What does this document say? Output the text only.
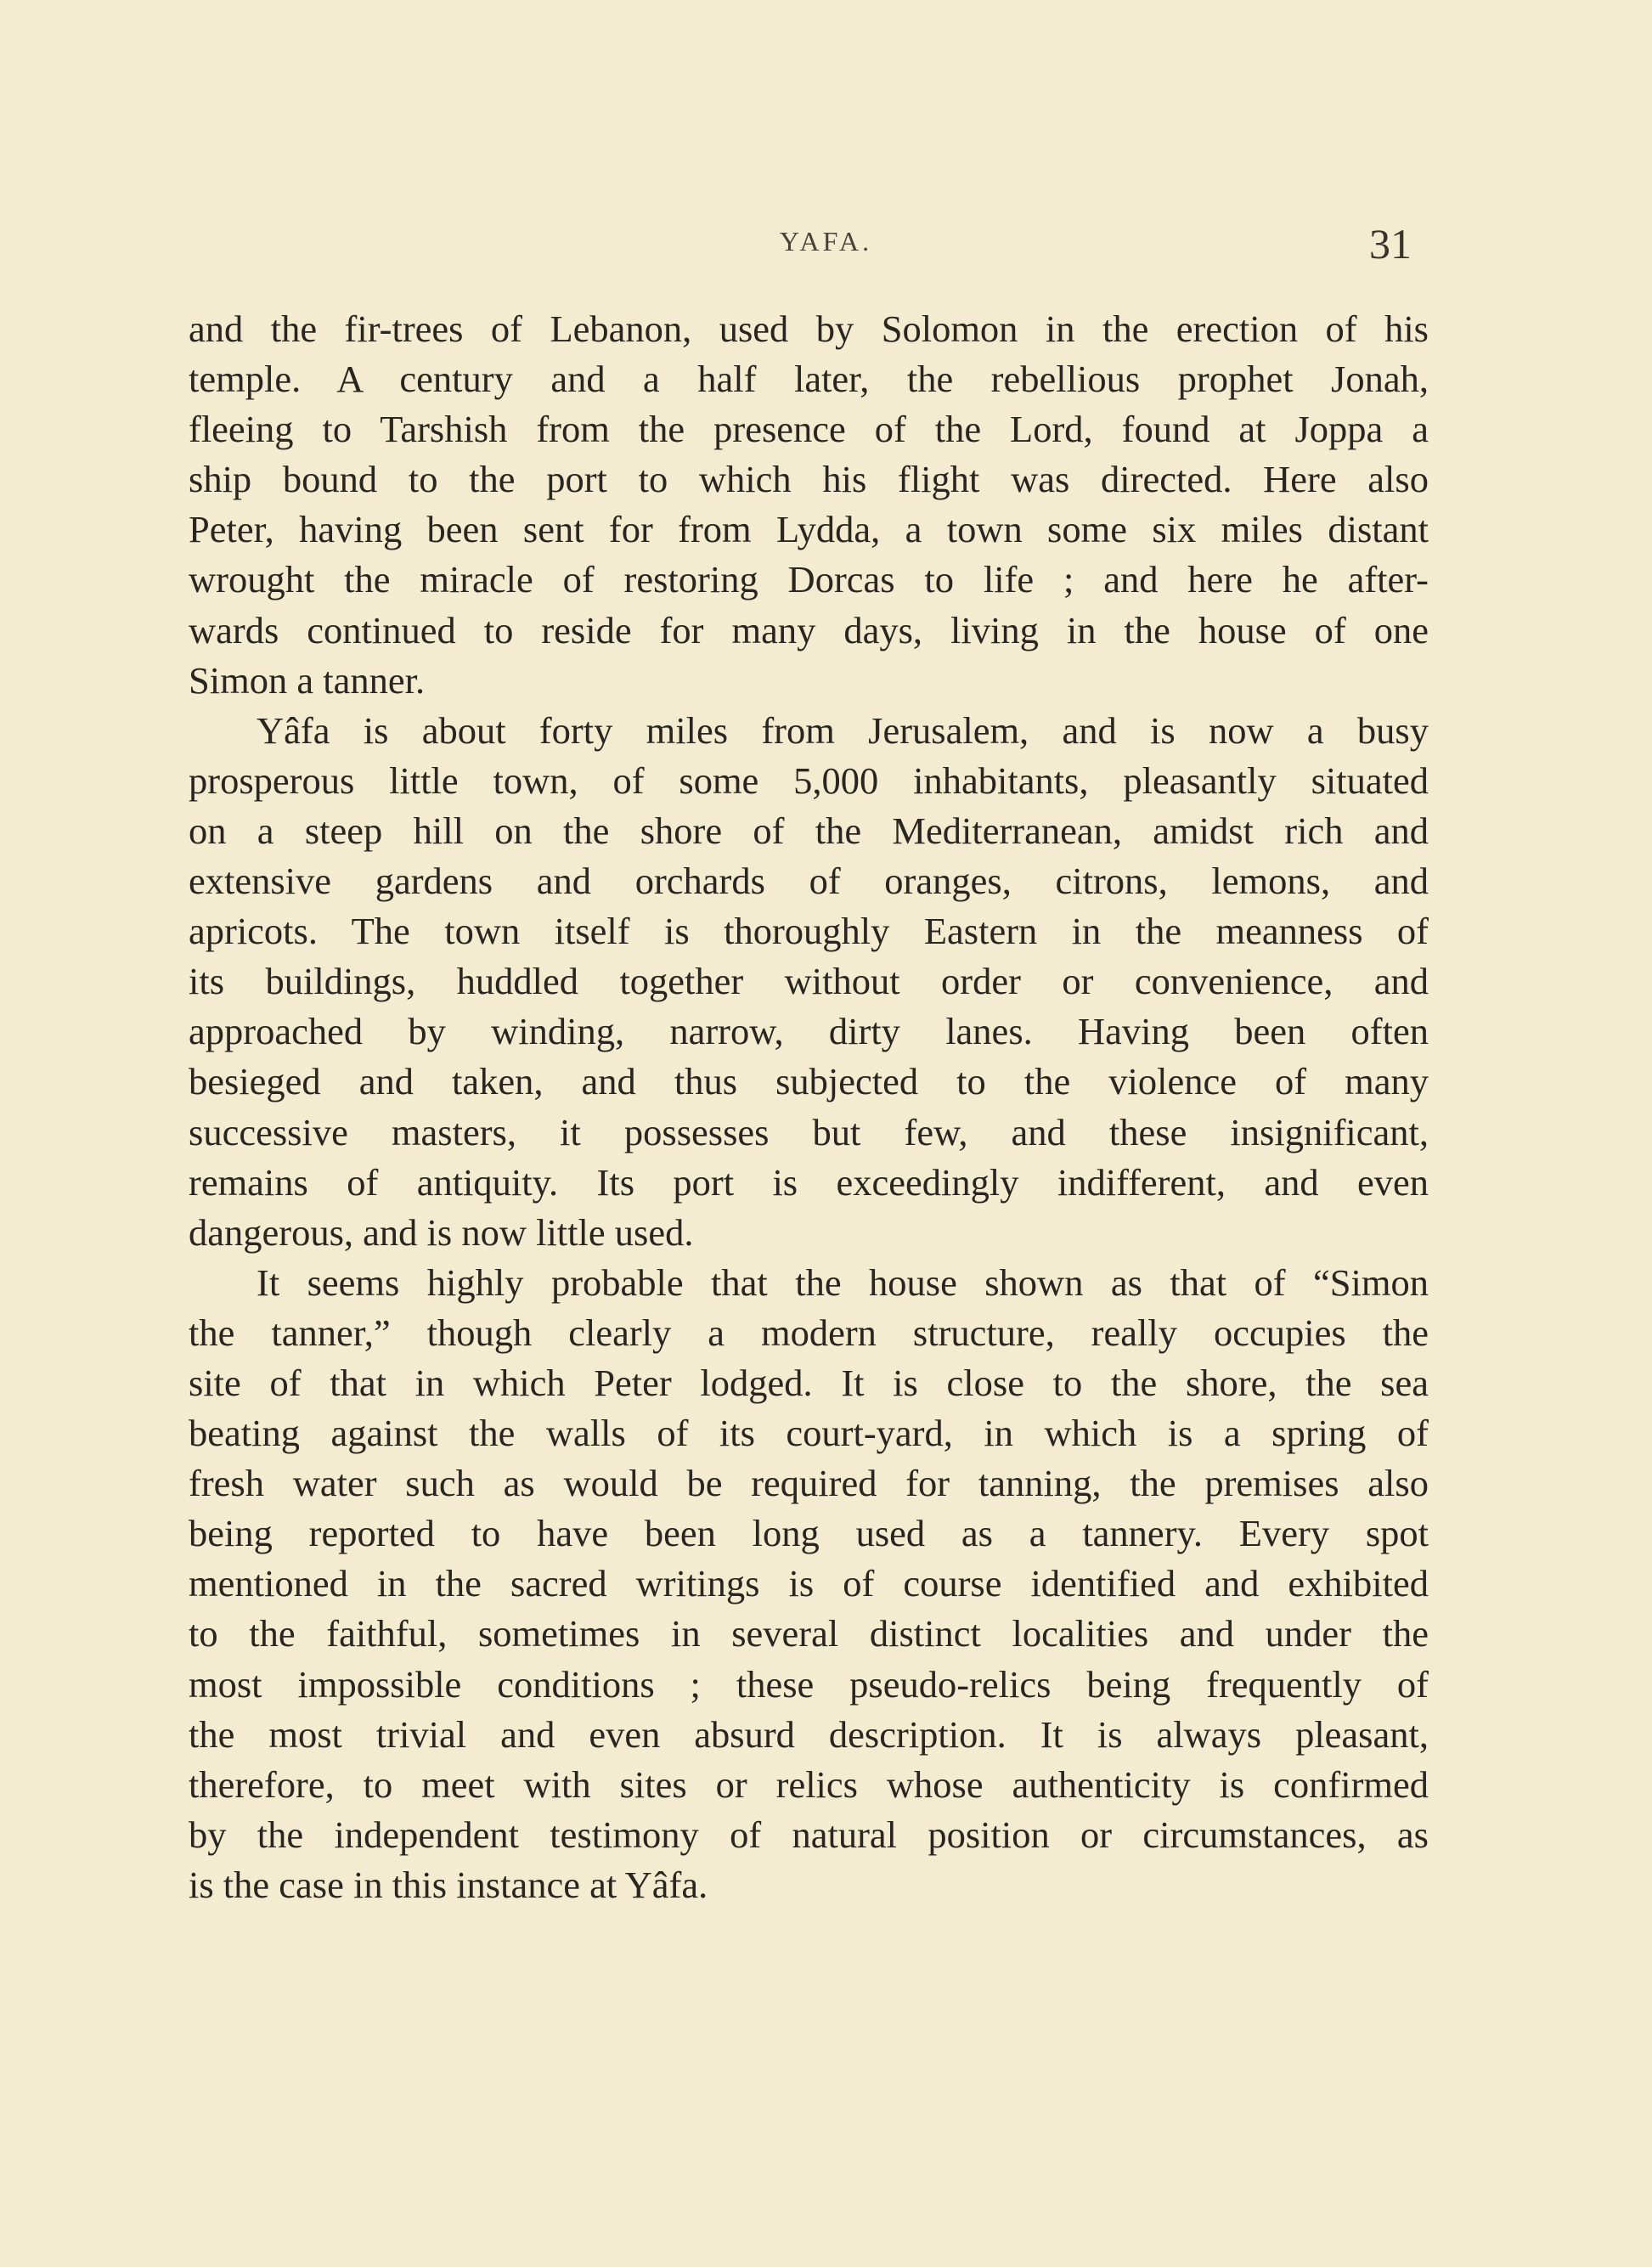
YAFA.	31
and the fir-trees of Lebanon, used by Solomon in the erection of his
temple. A century and a half later, the rebellious prophet Jonah,
fleeing to Tarshish from the presence of the Lord, found at Joppa a
ship bound to the port to which his flight was directed. Here also
Peter, having been sent for from Lydda, a town some six miles distant
wrought the miracle of restoring Dorcas to life ; and here he after-
wards continued to reside for many days, living in the house of one
Simon a tanner.
Yâfa is about forty miles from Jerusalem, and is now a busy
prosperous little town, of some 5,000 inhabitants, pleasantly situated
on a steep hill on the shore of the Mediterranean, amidst rich and
extensive gardens and orchards of oranges, citrons, lemons, and
apricots. The town itself is thoroughly Eastern in the meanness of
its buildings, huddled together without order or convenience, and
approached by winding, narrow, dirty lanes. Having been often
besieged and taken, and thus subjected to the violence of many
successive masters, it possesses but few, and these insignificant,
remains of antiquity. Its port is exceedingly indifferent, and even
dangerous, and is now little used.
It seems highly probable that the house shown as that of “Simon
the tanner,” though clearly a modern structure, really occupies the
site of that in which Peter lodged. It is close to the shore, the sea
beating against the walls of its court-yard, in which is a spring of
fresh water such as would be required for tanning, the premises also
being reported to have been long used as a tannery. Every spot
mentioned in the sacred writings is of course identified and exhibited
to the faithful, sometimes in several distinct localities and under the
most impossible conditions ; these pseudo-relics being frequently of
the most trivial and even absurd description. It is always pleasant,
therefore, to meet with sites or relics whose authenticity is confirmed
by the independent testimony of natural position or circumstances, as
is the case in this instance at Yâfa.
